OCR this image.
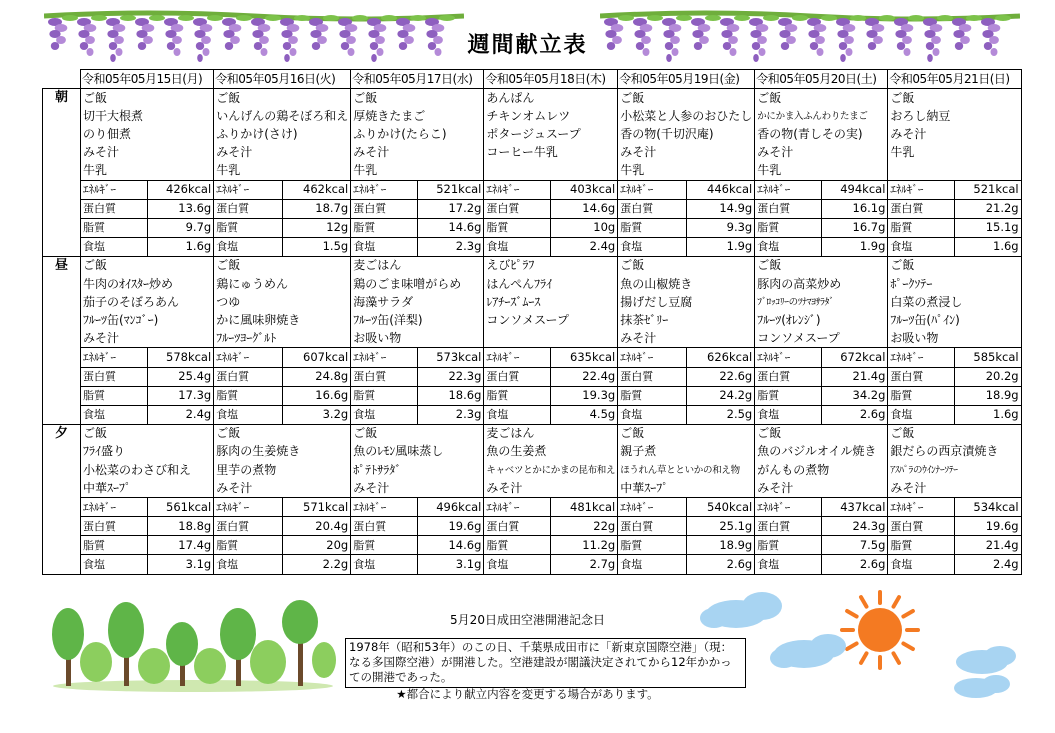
週間献立表
	令和05年05月15日(月)		令和05年05月16日(火)		令和05年05月17日(水)		令和05年05月18日(木)		令和05年05月19日(金)		令和05年05月20日(土)		令和05年05月21日(日)	
朝	ご飯		ご飯		ご飯		あんぱん		ご飯		ご飯		ご飯	
	切干大根煮		いんげんの鶏そぼろ和え		厚焼きたまご		チキンオムレツ		小松菜と人参のおひたし		かにかま入ふんわりたまご		おろし納豆	
	のり佃煮		ふりかけ(さけ)		ふりかけ(たらこ)		ポタージュスープ		香の物(千切沢庵)		香の物(青しその実)		みそ汁	
	みそ汁		みそ汁		みそ汁		コーヒー牛乳		みそ汁		みそ汁		牛乳	
	牛乳		牛乳		牛乳				牛乳		牛乳			
	ｴﾈﾙｷﾞｰ	426kcal	ｴﾈﾙｷﾞｰ	462kcal	ｴﾈﾙｷﾞｰ	521kcal	ｴﾈﾙｷﾞｰ	403kcal	ｴﾈﾙｷﾞｰ	446kcal	ｴﾈﾙｷﾞｰ	494kcal	ｴﾈﾙｷﾞｰ	521kcal
	蛋白質	13.6g	蛋白質	18.7g	蛋白質	17.2g	蛋白質	14.6g	蛋白質	14.9g	蛋白質	16.1g	蛋白質	21.2g
	脂質	9.7g	脂質	12g	脂質	14.6g	脂質	10g	脂質	9.3g	脂質	16.7g	脂質	15.1g
	食塩	1.6g	食塩	1.5g	食塩	2.3g	食塩	2.4g	食塩	1.9g	食塩	1.9g	食塩	1.6g
昼	ご飯		ご飯		麦ごはん		えびﾋﾟﾗﾌ		ご飯		ご飯		ご飯	
	牛肉のｵｲｽﾀｰ炒め		鶏にゅうめん		鶏のごま味噌がらめ		はんぺんﾌﾗｲ		魚の山椒焼き		豚肉の高菜炒め		ﾎﾟｰｸｿﾃｰ	
	茄子のそぼろあん		つゆ		海藻サラダ		ﾚｱﾁｰｽﾞﾑｰｽ		揚げだし豆腐		ﾌﾞﾛｯｺﾘｰのﾂﾅﾏﾖｻﾗﾀﾞ		白菜の煮浸し	
	ﾌﾙｰﾂ缶(ﾏﾝｺﾞｰ)		かに風味卵焼き		ﾌﾙｰﾂ缶(洋梨)		コンソメスープ		抹茶ｾﾞﾘｰ		ﾌﾙｰﾂ(ｵﾚﾝｼﾞ)		ﾌﾙｰﾂ缶(ﾊﾟｲﾝ)	
	みそ汁		ﾌﾙｰﾂﾖｰｸﾞﾙﾄ		お吸い物				みそ汁		コンソメスープ		お吸い物	
	ｴﾈﾙｷﾞｰ	578kcal	ｴﾈﾙｷﾞｰ	607kcal	ｴﾈﾙｷﾞｰ	573kcal	ｴﾈﾙｷﾞｰ	635kcal	ｴﾈﾙｷﾞｰ	626kcal	ｴﾈﾙｷﾞｰ	672kcal	ｴﾈﾙｷﾞｰ	585kcal
	蛋白質	25.4g	蛋白質	24.8g	蛋白質	22.3g	蛋白質	22.4g	蛋白質	22.6g	蛋白質	21.4g	蛋白質	20.2g
	脂質	17.3g	脂質	16.6g	脂質	18.6g	脂質	19.3g	脂質	24.2g	脂質	34.2g	脂質	18.9g
	食塩	2.4g	食塩	3.2g	食塩	2.3g	食塩	4.5g	食塩	2.5g	食塩	2.6g	食塩	1.6g
夕	ご飯		ご飯		ご飯		麦ごはん		ご飯		ご飯		ご飯	
	ﾌﾗｲ盛り		豚肉の生姜焼き		魚のﾚﾓﾝ風味蒸し		魚の生姜煮		親子煮		魚のバジルオイル焼き		銀だらの西京漬焼き	
	小松菜のわさび和え		里芋の煮物		ﾎﾟﾃﾄｻﾗﾀﾞ		キャベツとかにかまの昆布和え		ほうれん草とといかの和え物		がんもの煮物		ｱｽﾊﾟﾗのｳｲﾝﾅｰｿﾃｰ	
	中華ｽｰﾌﾟ		みそ汁		みそ汁		みそ汁		中華ｽｰﾌﾟ		みそ汁		みそ汁	
	ｴﾈﾙｷﾞｰ	561kcal	ｴﾈﾙｷﾞｰ	571kcal	ｴﾈﾙｷﾞｰ	496kcal	ｴﾈﾙｷﾞｰ	481kcal	ｴﾈﾙｷﾞｰ	540kcal	ｴﾈﾙｷﾞｰ	437kcal	ｴﾈﾙｷﾞｰ	534kcal
	蛋白質	18.8g	蛋白質	20.4g	蛋白質	19.6g	蛋白質	22g	蛋白質	25.1g	蛋白質	24.3g	蛋白質	19.6g
	脂質	17.4g	脂質	20g	脂質	14.6g	脂質	11.2g	脂質	18.9g	脂質	7.5g	脂質	21.4g
	食塩	3.1g	食塩	2.2g	食塩	3.1g	食塩	2.7g	食塩	2.6g	食塩	2.6g	食塩	2.4g
5月20日成田空港開港記念日
1978年（昭和53年）のこの日、千葉県成田市に「新東京国際空港」（現：なる多国際空港）が開港した。空港建設が閣議決定されてから12年かかっての開港であった。
★都合により献立内容を変更する場合があります。
